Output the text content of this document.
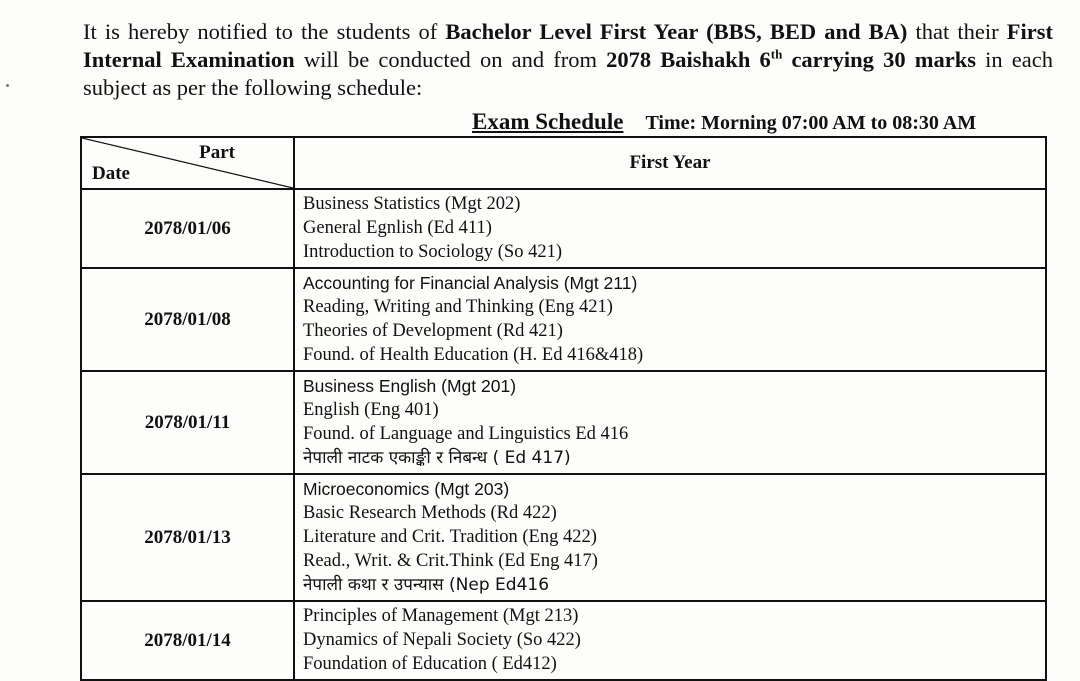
It is hereby notified to the students of Bachelor Level First Year (BBS, BED and BA) that their First Internal Examination will be conducted on and from 2078 Baishakh 6th carrying 30 marks in each subject as per the following schedule:
Exam Schedule Time: Morning 07:00 AM to 08:30 AM
Part
Date	First Year
2078/01/06	Business Statistics (Mgt 202)
General Egnlish (Ed 411)
Introduction to Sociology (So 421)

2078/01/08	Accounting for Financial Analysis (Mgt 211)
Reading, Writing and Thinking (Eng 421)
Theories of Development (Rd 421)
Found. of Health Education (H. Ed 416&418)

2078/01/11	Business English (Mgt 201)
English (Eng 401)
Found. of Language and Linguistics Ed 416
नेपाली नाटक एकाङ्की र निबन्ध ( Ed 417)

2078/01/13	Microeconomics (Mgt 203)
Basic Research Methods (Rd 422)
Literature and Crit. Tradition (Eng 422)
Read., Writ. & Crit.Think (Ed Eng 417)
नेपाली कथा र उपन्यास (Nep Ed416

2078/01/14	Principles of Management (Mgt 213)
Dynamics of Nepali Society (So 422)
Foundation of Education ( Ed412)
